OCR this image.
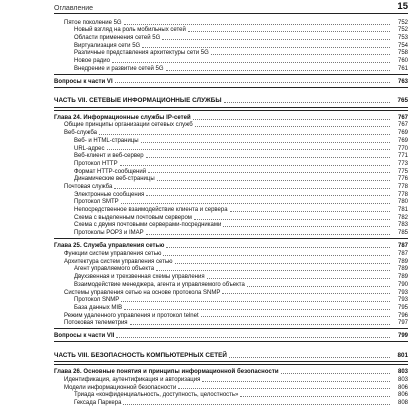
Оглавление	15
Пятое поколение 5G	752
Новый взгляд на роль мобильных сетей	752
Области применения сетей 5G	753
Виртуализация сети 5G	754
Различные представления архитектуры сети 5G	758
Новое радио	760
Внедрение и развитие сетей 5G	761
Вопросы к части VI	763
ЧАСТЬ VII. СЕТЕВЫЕ ИНФОРМАЦИОННЫЕ СЛУЖБЫ	765
Глава 24. Информационные службы IP-сетей	767
Общие принципы организации сетевых служб	767
Веб-служба	769
Веб- и HTML-страницы	769
URL-адрес	770
Веб-клиент и веб-сервер	771
Протокол HTTP	773
Формат HTTP-сообщений	775
Динамические веб-страницы	776
Почтовая служба	778
Электронные сообщения	778
Протокол SMTP	780
Непосредственное взаимодействие клиента и сервера	781
Схема с выделенным почтовым сервером	782
Схема с двумя почтовыми серверами-посредниками	783
Протоколы POP3 и IMAP	785
Глава 25. Служба управления сетью	787
Функции систем управления сетью	787
Архитектура систем управления сетью	789
Агент управляемого объекта	789
Двухзвенная и трехзвенная схемы управления	789
Взаимодействие менеджера, агента и управляемого объекта	790
Системы управления сетью на основе протокола SNMP	793
Протокол SNMP	793
База данных MIB	795
Режим удаленного управления и протокол telnet	796
Потоковая телеметрия	797
Вопросы к части VII	799
ЧАСТЬ VIII. БЕЗОПАСНОСТЬ КОМПЬЮТЕРНЫХ СЕТЕЙ	801
Глава 26. Основные понятия и принципы информационной безопасности	803
Идентификация, аутентификация и авторизация	803
Модели информационной безопасности	806
Триада «конфиденциальность, доступность, целостность»	806
Гексада Паркера	808
